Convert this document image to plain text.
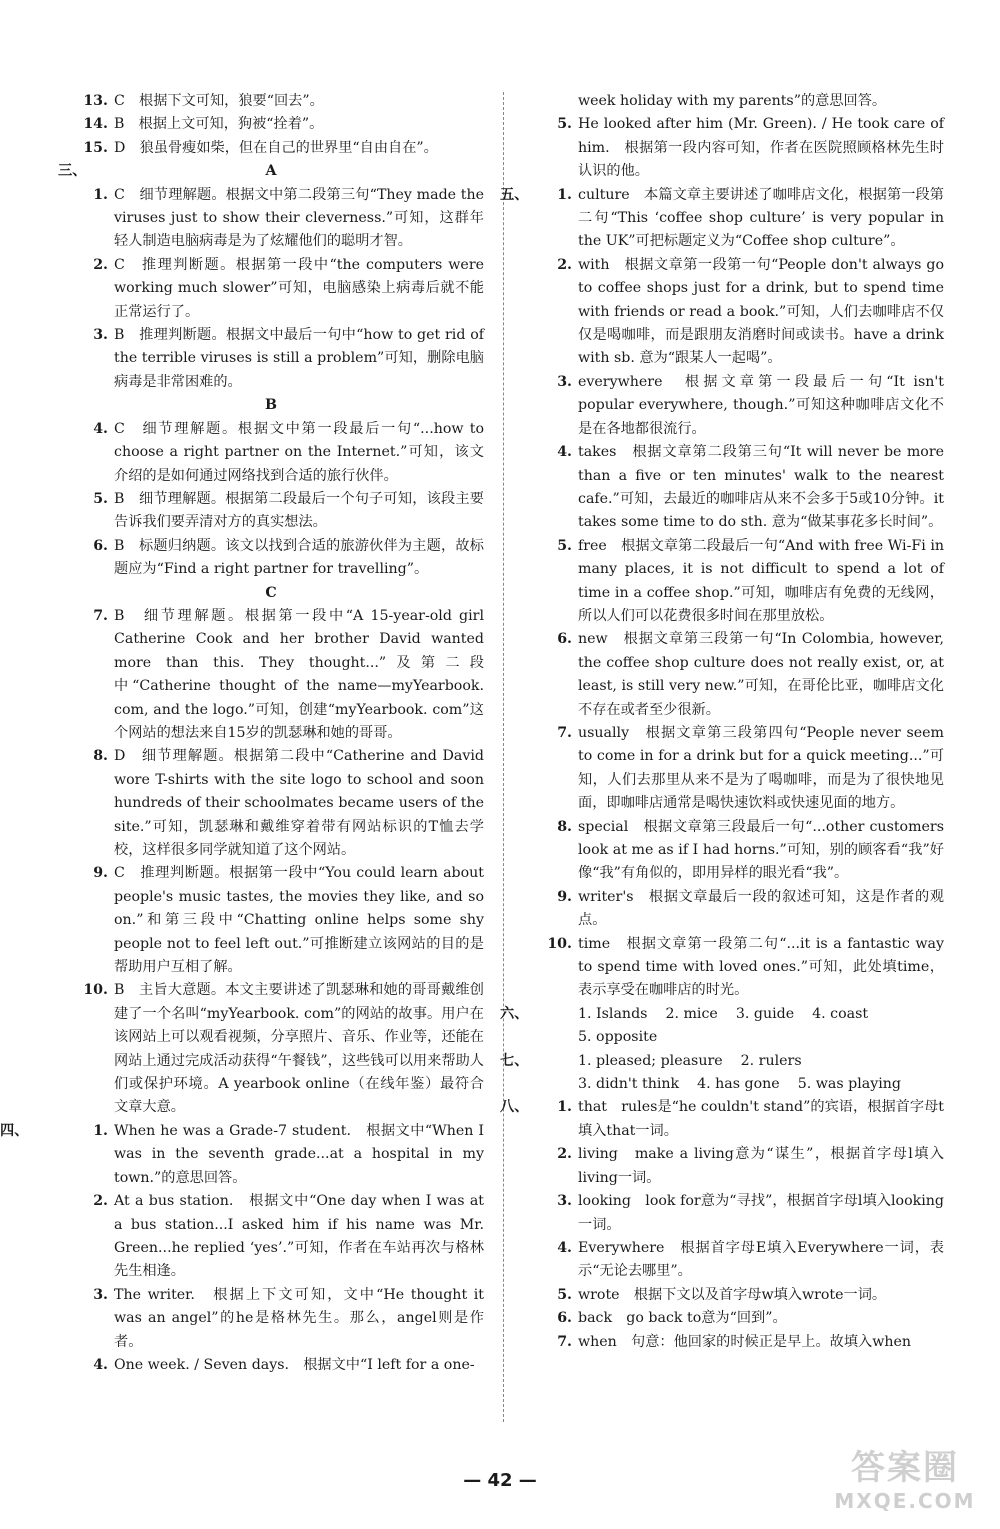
13. C　根据下文可知，狼要“回去”。
14. B　根据上文可知，狗被“拴着”。
15. D　狼虽骨瘦如柴，但在自己的世界里“自由自在”。
三、	A
1. C　细节理解题。根据文中第二段第三句“They made the viruses just to show their cleverness.”可知，这群年轻人制造电脑病毒是为了炫耀他们的聪明才智。
2. C　推理判断题。根据第一段中“the computers were working much slower”可知，电脑感染上病毒后就不能正常运行了。
3. B　推理判断题。根据文中最后一句中“how to get rid of the terrible viruses is still a problem”可知，删除电脑病毒是非常困难的。
B
4. C　细节理解题。根据文中第一段最后一句“...how to choose a right partner on the Internet.”可知，该文介绍的是如何通过网络找到合适的旅行伙伴。
5. B　细节理解题。根据第二段最后一个句子可知，该段主要告诉我们要弄清对方的真实想法。
6. B　标题归纳题。该文以找到合适的旅游伙伴为主题，故标题应为“Find a right partner for travelling”。
C
7. B　细节理解题。根据第一段中“A 15-year-old girl Catherine Cook and her brother David wanted more than this. They thought...”及第二段中“Catherine thought of the name—myYearbook. com, and the logo.”可知，创建“myYearbook. com”这个网站的想法来自15岁的凯瑟琳和她的哥哥。
8. D　细节理解题。根据第二段中“Catherine and David wore T-shirts with the site logo to school and soon hundreds of their schoolmates became users of the site.”可知，凯瑟琳和戴维穿着带有网站标识的T恤去学校，这样很多同学就知道了这个网站。
9. C　推理判断题。根据第一段中“You could learn about people's music tastes, the movies they like, and so on.”和第三段中“Chatting online helps some shy people not to feel left out.”可推断建立该网站的目的是帮助用户互相了解。
10. B　主旨大意题。本文主要讲述了凯瑟琳和她的哥哥戴维创建了一个名叫“myYearbook. com”的网站的故事。用户在该网站上可以观看视频，分享照片、音乐、作业等，还能在网站上通过完成活动获得“午餐钱”，这些钱可以用来帮助人们或保护环境。A yearbook online（在线年鉴）最符合文章大意。
四、	1. When he was a Grade-7 student.　根据文中“When I was in the seventh grade...at a hospital in my town.”的意思回答。
2. At a bus station.　根据文中“One day when I was at a bus station...I asked him if his name was Mr. Green...he replied ‘yes’.”可知，作者在车站再次与格林先生相逢。
3. The writer.　根据上下文可知，文中“He thought it was an angel”的he是格林先生。那么，angel则是作者。
4. One week. / Seven days.　根据文中“I left for a one-
week holiday with my parents”的意思回答。
5. He looked after him (Mr. Green). / He took care of him.　根据第一段内容可知，作者在医院照顾格林先生时认识的他。
五、	1. culture　本篇文章主要讲述了咖啡店文化，根据第一段第二句“This ‘coffee shop culture’ is very popular in the UK”可把标题定义为“Coffee shop culture”。
2. with　根据文章第一段第一句“People don't always go to coffee shops just for a drink, but to spend time with friends or read a book.”可知，人们去咖啡店不仅仅是喝咖啡，而是跟朋友消磨时间或读书。have a drink with sb. 意为“跟某人一起喝”。
3. everywhere　根据文章第一段最后一句“It isn't popular everywhere, though.”可知这种咖啡店文化不是在各地都很流行。
4. takes　根据文章第二段第三句“It will never be more than a five or ten minutes' walk to the nearest cafe.”可知，去最近的咖啡店从来不会多于5或10分钟。it takes some time to do sth. 意为“做某事花多长时间”。
5. free　根据文章第二段最后一句“And with free Wi-Fi in many places, it is not difficult to spend a lot of time in a coffee shop.”可知，咖啡店有免费的无线网，所以人们可以花费很多时间在那里放松。
6. new　根据文章第三段第一句“In Colombia, however, the coffee shop culture does not really exist, or, at least, is still very new.”可知，在哥伦比亚，咖啡店文化不存在或者至少很新。
7. usually　根据文章第三段第四句“People never seem to come in for a drink but for a quick meeting...”可知，人们去那里从来不是为了喝咖啡，而是为了很快地见面，即咖啡店通常是喝快速饮料或快速见面的地方。
8. special　根据文章第三段最后一句“...other customers look at me as if I had horns.”可知，别的顾客看“我”好像“我”有角似的，即用异样的眼光看“我”。
9. writer's　根据文章最后一段的叙述可知，这是作者的观点。
10. time　根据文章第一段第二句“...it is a fantastic way to spend time with loved ones.”可知，此处填time，表示享受在咖啡店的时光。
六、	1. Islands 2. mice 3. guide 4. coast
5. opposite
七、	1. pleased; pleasure 2. rulers
3. didn't think 4. has gone 5. was playing
八、	1. that　rules是“he couldn't stand”的宾语，根据首字母t填入that一词。
2. living　make a living意为“谋生”，根据首字母l填入living一词。
3. looking　look for意为“寻找”，根据首字母l填入looking一词。
4. Everywhere　根据首字母E填入Everywhere一词，表示“无论去哪里”。
5. wrote　根据下文以及首字母w填入wrote一词。
6. back　go back to意为“回到”。
7. when　句意：他回家的时候正是早上。故填入when
— 42 —	答案圈
MXQE.COM
